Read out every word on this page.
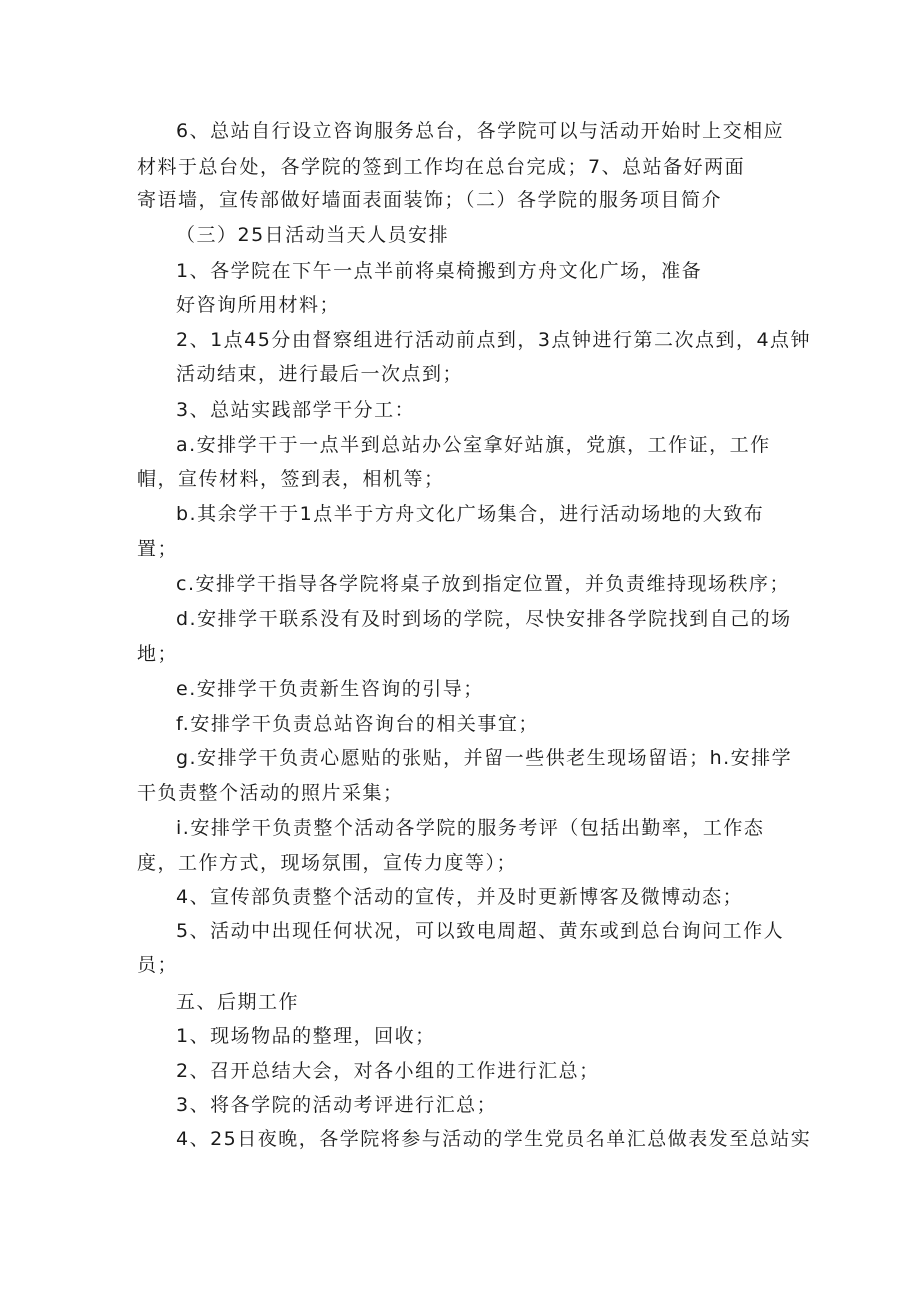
6、总站自行设立咨询服务总台，各学院可以与活动开始时上交相应
材料于总台处，各学院的签到工作均在总台完成；7、总站备好两面
寄语墙，宣传部做好墙面表面装饰；（二）各学院的服务项目简介
（三）25日活动当天人员安排
1、各学院在下午一点半前将桌椅搬到方舟文化广场，准备
好咨询所用材料；
2、1点45分由督察组进行活动前点到，3点钟进行第二次点到，4点钟
活动结束，进行最后一次点到；
3、总站实践部学干分工：
a.安排学干于一点半到总站办公室拿好站旗，党旗，工作证，工作
帽，宣传材料，签到表，相机等；
b.其余学干于1点半于方舟文化广场集合，进行活动场地的大致布
置；
c.安排学干指导各学院将桌子放到指定位置，并负责维持现场秩序；
d.安排学干联系没有及时到场的学院，尽快安排各学院找到自己的场
地；
e.安排学干负责新生咨询的引导；
f.安排学干负责总站咨询台的相关事宜；
g.安排学干负责心愿贴的张贴，并留一些供老生现场留语；h.安排学
干负责整个活动的照片采集；
i.安排学干负责整个活动各学院的服务考评（包括出勤率，工作态
度，工作方式，现场氛围，宣传力度等）；
4、宣传部负责整个活动的宣传，并及时更新博客及微博动态；
5、活动中出现任何状况，可以致电周超、黄东或到总台询问工作人
员；
五、后期工作
1、现场物品的整理，回收；
2、召开总结大会，对各小组的工作进行汇总；
3、将各学院的活动考评进行汇总；
4、25日夜晚，各学院将参与活动的学生党员名单汇总做表发至总站实
